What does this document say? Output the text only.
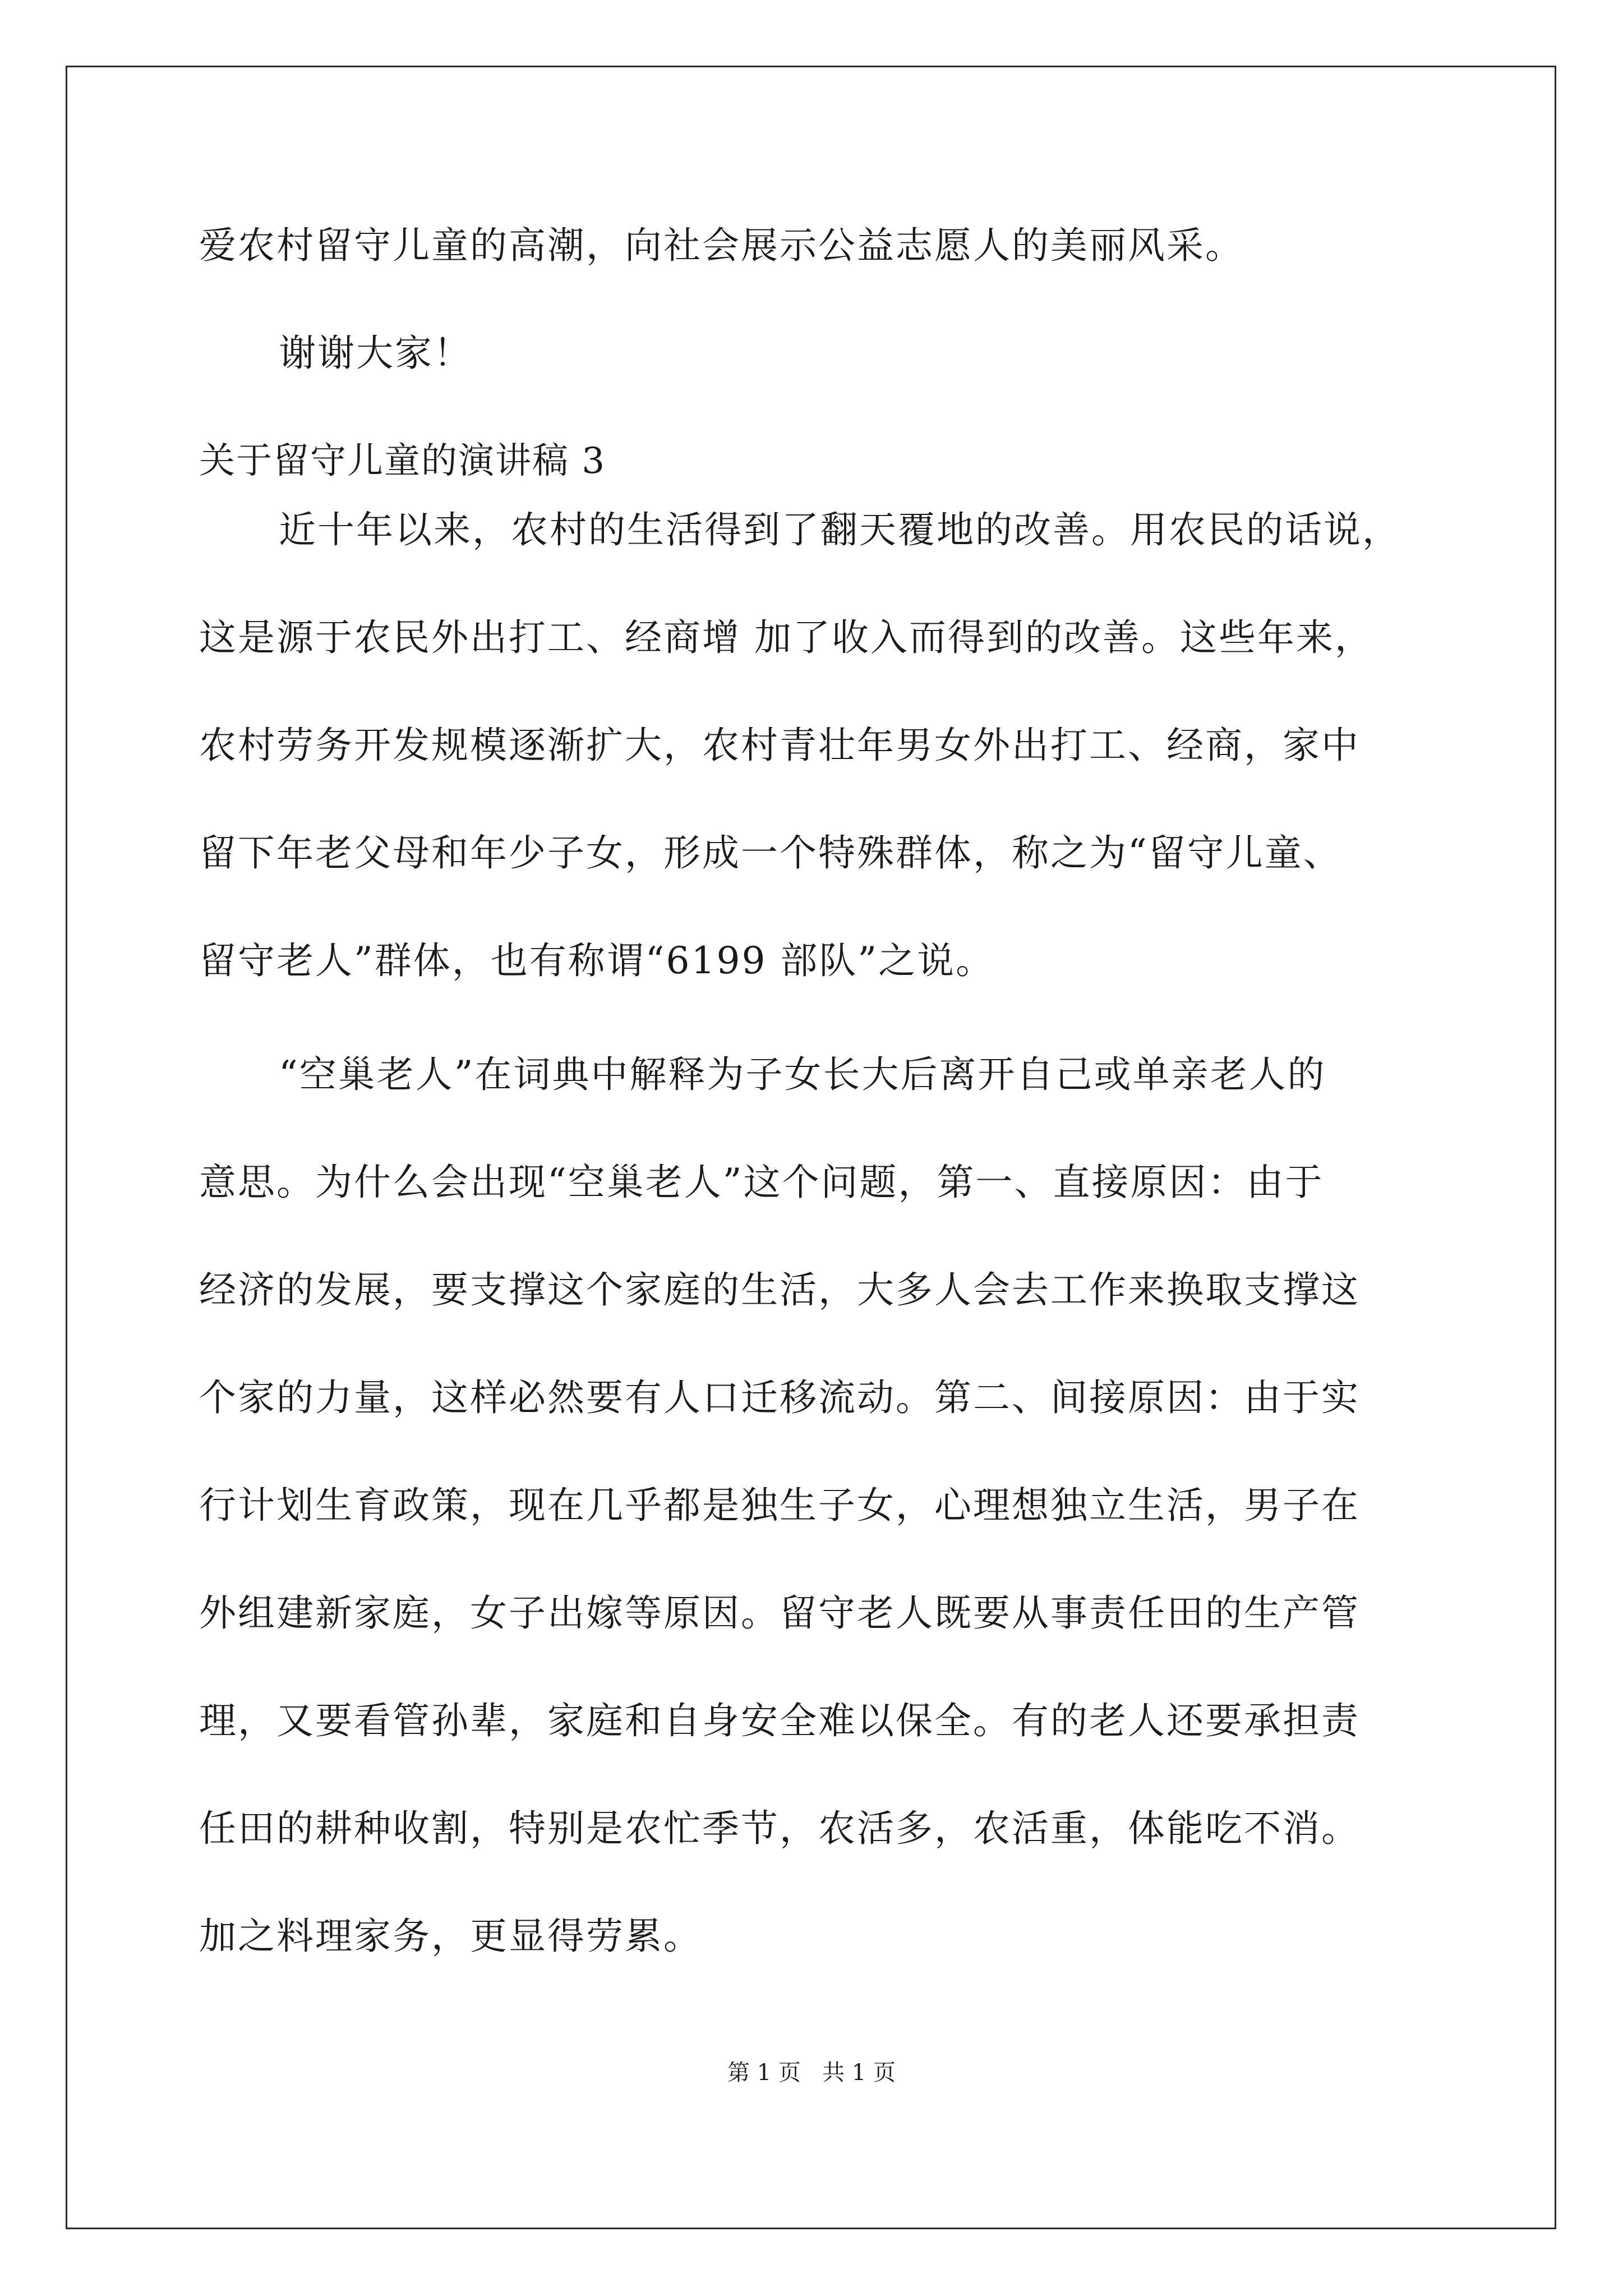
爱农村留守儿童的高潮，向社会展示公益志愿人的美丽风采。
谢谢大家！
关于留守儿童的演讲稿 3
近十年以来，农村的生活得到了翻天覆地的改善。用农民的话说，
这是源于农民外出打工、经商增 加了收入而得到的改善。这些年来，
农村劳务开发规模逐渐扩大，农村青壮年男女外出打工、经商，家中
留下年老父母和年少子女，形成一个特殊群体，称之为“留守儿童、
留守老人”群体，也有称谓“6199 部队”之说。
“空巢老人”在词典中解释为子女长大后离开自己或单亲老人的
意思。为什么会出现“空巢老人”这个问题，第一、直接原因：由于
经济的发展，要支撑这个家庭的生活，大多人会去工作来换取支撑这
个家的力量，这样必然要有人口迁移流动。第二、间接原因：由于实
行计划生育政策，现在几乎都是独生子女，心理想独立生活，男子在
外组建新家庭，女子出嫁等原因。留守老人既要从事责任田的生产管
理，又要看管孙辈，家庭和自身安全难以保全。有的老人还要承担责
任田的耕种收割，特别是农忙季节，农活多，农活重，体能吃不消。
加之料理家务，更显得劳累。
第 1 页   共 1 页
